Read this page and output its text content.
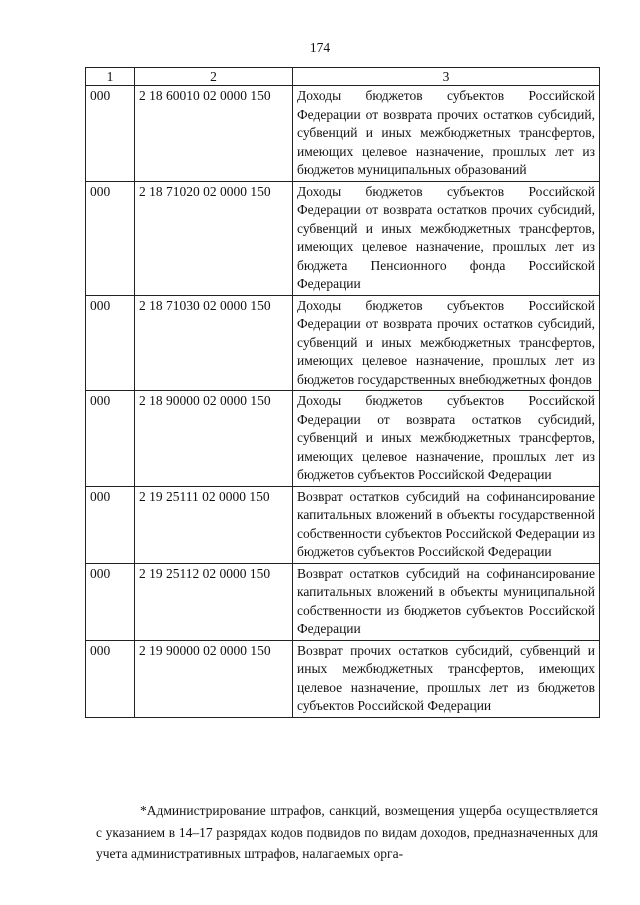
174
1	2	3
000	2 18 60010 02 0000 150	Доходы бюджетов субъектов Российской Федерации от возврата прочих остатков субсидий, субвенций и иных межбюджетных трансфертов, имеющих целевое назначение, прошлых лет из бюджетов муниципальных образований
000	2 18 71020 02 0000 150	Доходы бюджетов субъектов Российской Федерации от возврата остатков прочих субсидий, субвенций и иных межбюджетных трансфертов, имеющих целевое назначение, прошлых лет из бюджета Пенсионного фонда Российской Федерации
000	2 18 71030 02 0000 150	Доходы бюджетов субъектов Российской Федерации от возврата прочих остатков субсидий, субвенций и иных межбюджетных трансфертов, имеющих целевое назначение, прошлых лет из бюджетов государственных внебюджетных фондов
000	2 18 90000 02 0000 150	Доходы бюджетов субъектов Российской Федерации от возврата остатков субсидий, субвенций и иных межбюджетных трансфертов, имеющих целевое назначение, прошлых лет из бюджетов субъектов Российской Федерации
000	2 19 25111 02 0000 150	Возврат остатков субсидий на софинансирование капитальных вложений в объекты государственной собственности субъектов Российской Федерации из бюджетов субъектов Российской Федерации
000	2 19 25112 02 0000 150	Возврат остатков субсидий на софинансирование капитальных вложений в объекты муниципальной собственности из бюджетов субъектов Российской Федерации
000	2 19 90000 02 0000 150	Возврат прочих остатков субсидий, субвенций и иных межбюджетных трансфертов, имеющих целевое назначение, прошлых лет из бюджетов субъектов Российской Федерации
*Администрирование штрафов, санкций, возмещения ущерба осуществляется с указанием в 14–17 разрядах кодов подвидов по видам доходов, предназначенных для учета административных штрафов, налагаемых орга-
